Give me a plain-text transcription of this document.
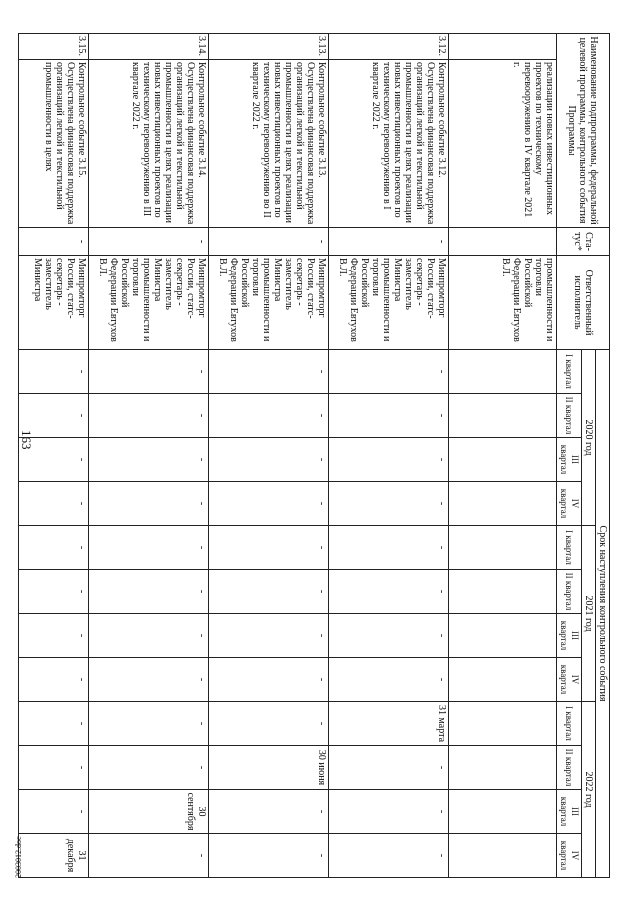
163
Наименование подпрограммы, федеральной целевой программы, контрольного события Программы		Ста-тус*	Ответственный исполнитель	Срок наступления контрольного события											
				2020 год				2021 год				2022 год			
				I квартал	II квартал	III квартал	IV квартал	I квартал	II квартал	III квартал	IV квартал	I квартал	II квартал	III квартал	IV квартал
	реализации новых инвестиционных проектов по техническому перевооружению в IV квартале 2021 г.		промышленности и торговли Российской Федерации Евтухов В.Л.												
3.12.	Контрольное событие 3.12. Осуществлена финансовая поддержка организаций легкой и текстильной промышленности в целях реализации новых инвестиционных проектов по техническому перевооружению в I квартале 2022 г.	-	Минпромторг России, статс-секретарь - заместитель Министра промышленности и торговли Российской Федерации Евтухов В.Л.	-	-	-	-	-	-	-	-	31 марта	-	-	-
3.13.	Контрольное событие 3.13. Осуществлена финансовая поддержка организаций легкой и текстильной промышленности в целях реализации новых инвестиционных проектов по техническому перевооружению во II квартале 2022 г.	-	Минпромторг России, статс-секретарь - заместитель Министра промышленности и торговли Российской Федерации Евтухов В.Л.	-	-	-	-	-	-	-	-	-	30 июня	-	-
3.14.	Контрольное событие 3.14. Осуществлена финансовая поддержка организаций легкой и текстильной промышленности в целях реализации новых инвестиционных проектов по техническому перевооружению в III квартале 2022 г.	-	Минпромторг России, статс-секретарь - заместитель Министра промышленности и торговли Российской Федерации Евтухов В.Л.	-	-	-	-	-	-	-	-	-	-	30 сентября	-
3.15.	Контрольное событие 3.15. Осуществлена финансовая поддержка организаций легкой и текстильной промышленности в целях	-	Минпромторг России, статс-секретарь - заместитель Министра	-	-	-	-	-	-	-	-	-	-	-	31 декабря
2003012.doc
